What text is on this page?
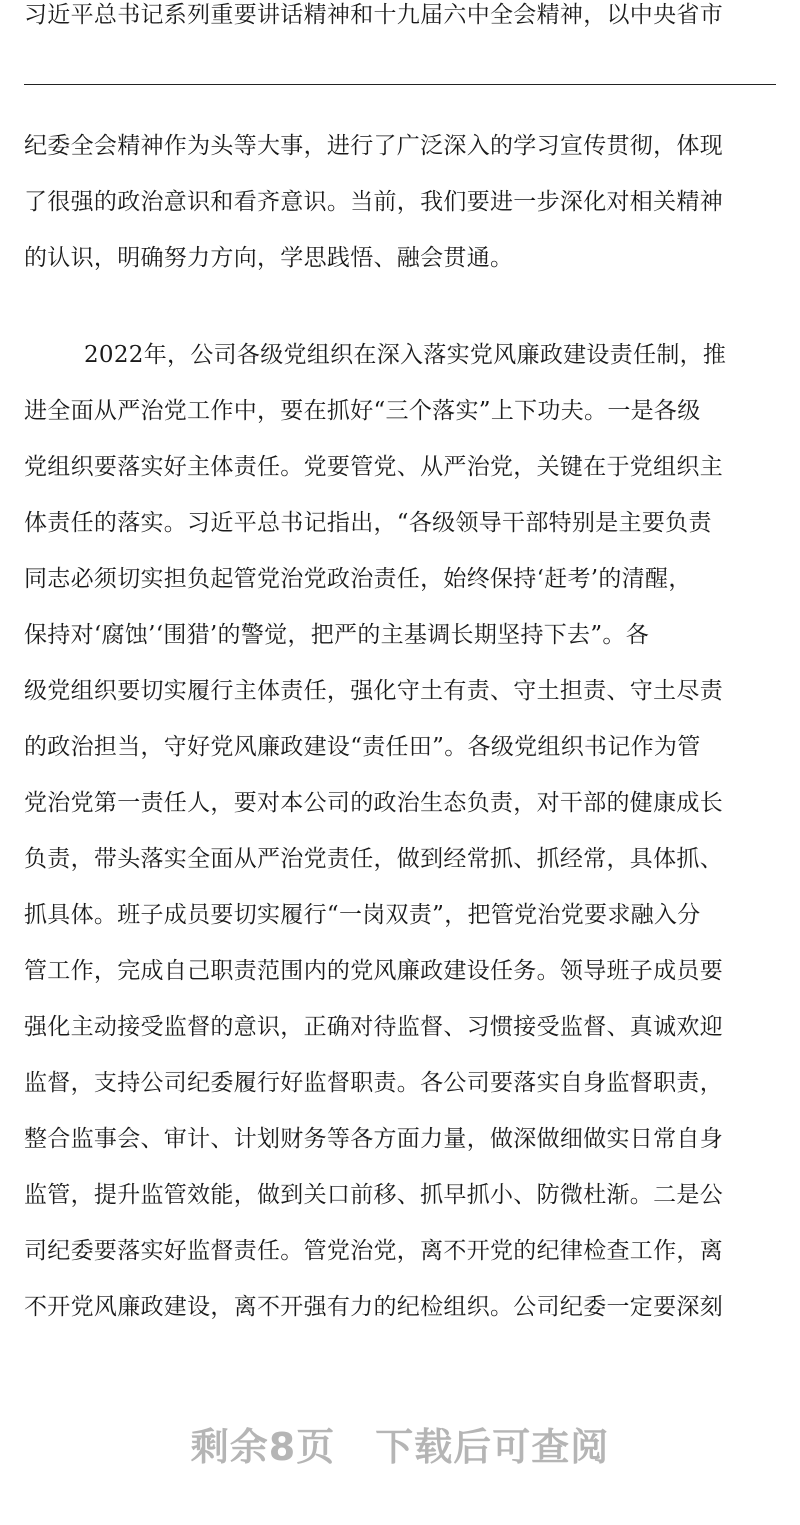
习近平总书记系列重要讲话精神和十九届六中全会精神，以中央省市
纪委全会精神作为头等大事，进行了广泛深入的学习宣传贯彻，体现
了很强的政治意识和看齐意识。当前，我们要进一步深化对相关精神
的认识，明确努力方向，学思践悟、融会贯通。
2022年，公司各级党组织在深入落实党风廉政建设责任制，推
进全面从严治党工作中，要在抓好“三个落实”上下功夫。一是各级
党组织要落实好主体责任。党要管党、从严治党，关键在于党组织主
体责任的落实。习近平总书记指出，“各级领导干部特别是主要负责
同志必须切实担负起管党治党政治责任，始终保持‘赶考’的清醒，
保持对‘腐蚀’‘围猎’的警觉，把严的主基调长期坚持下去”。各
级党组织要切实履行主体责任，强化守土有责、守土担责、守土尽责
的政治担当，守好党风廉政建设“责任田”。各级党组织书记作为管
党治党第一责任人，要对本公司的政治生态负责，对干部的健康成长
负责，带头落实全面从严治党责任，做到经常抓、抓经常，具体抓、
抓具体。班子成员要切实履行“一岗双责”，把管党治党要求融入分
管工作，完成自己职责范围内的党风廉政建设任务。领导班子成员要
强化主动接受监督的意识，正确对待监督、习惯接受监督、真诚欢迎
监督，支持公司纪委履行好监督职责。各公司要落实自身监督职责，
整合监事会、审计、计划财务等各方面力量，做深做细做实日常自身
监管，提升监管效能，做到关口前移、抓早抓小、防微杜渐。二是公
司纪委要落实好监督责任。管党治党，离不开党的纪律检查工作，离
不开党风廉政建设，离不开强有力的纪检组织。公司纪委一定要深刻
剩余8页 下载后可查阅
